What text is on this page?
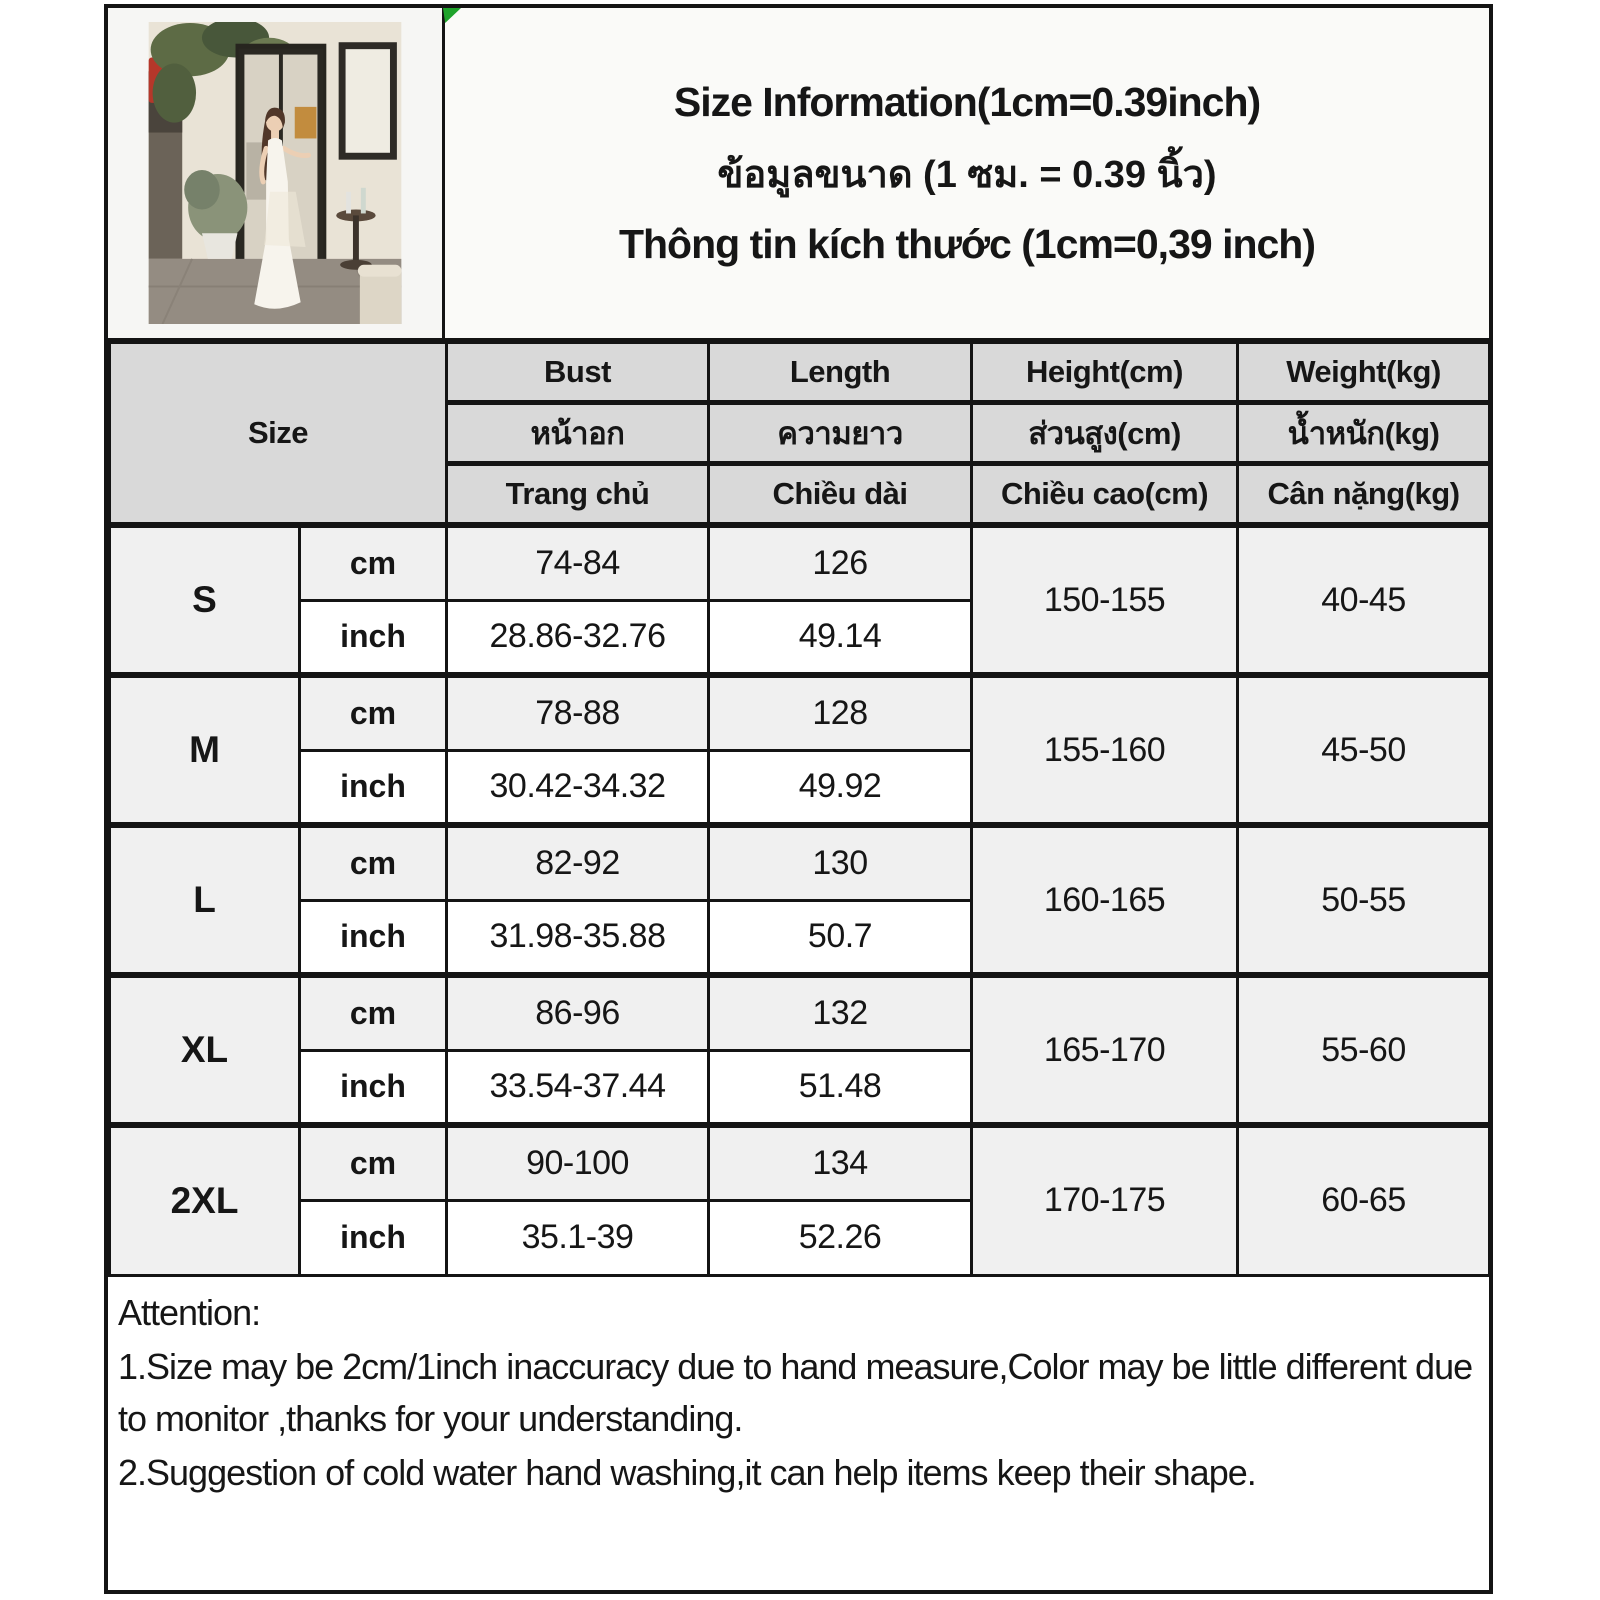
Size Information(1cm=0.39inch)
ข้อมูลขนาด (1 ซม. = 0.39 นิ้ว)
Thông tin kích thước (1cm=0,39 inch)
Size		Bust	Length	Height(cm)	Weight(kg)
		หน้าอก	ความยาว	ส่วนสูง(cm)	น้ำหนัก(kg)
		Trang chủ	Chiều dài	Chiều cao(cm)	Cân nặng(kg)
S	cm	74-84	126	150-155	40-45
	inch	28.86-32.76	49.14		
M	cm	78-88	128	155-160	45-50
	inch	30.42-34.32	49.92		
L	cm	82-92	130	160-165	50-55
	inch	31.98-35.88	50.7		
XL	cm	86-96	132	165-170	55-60
	inch	33.54-37.44	51.48		
2XL	cm	90-100	134	170-175	60-65
	inch	35.1-39	52.26		
Attention:
1.Size may be 2cm/1inch inaccuracy due to hand measure,Color may be little different due to monitor ,thanks for your understanding.
2.Suggestion of cold water hand washing,it can help items keep their shape.
